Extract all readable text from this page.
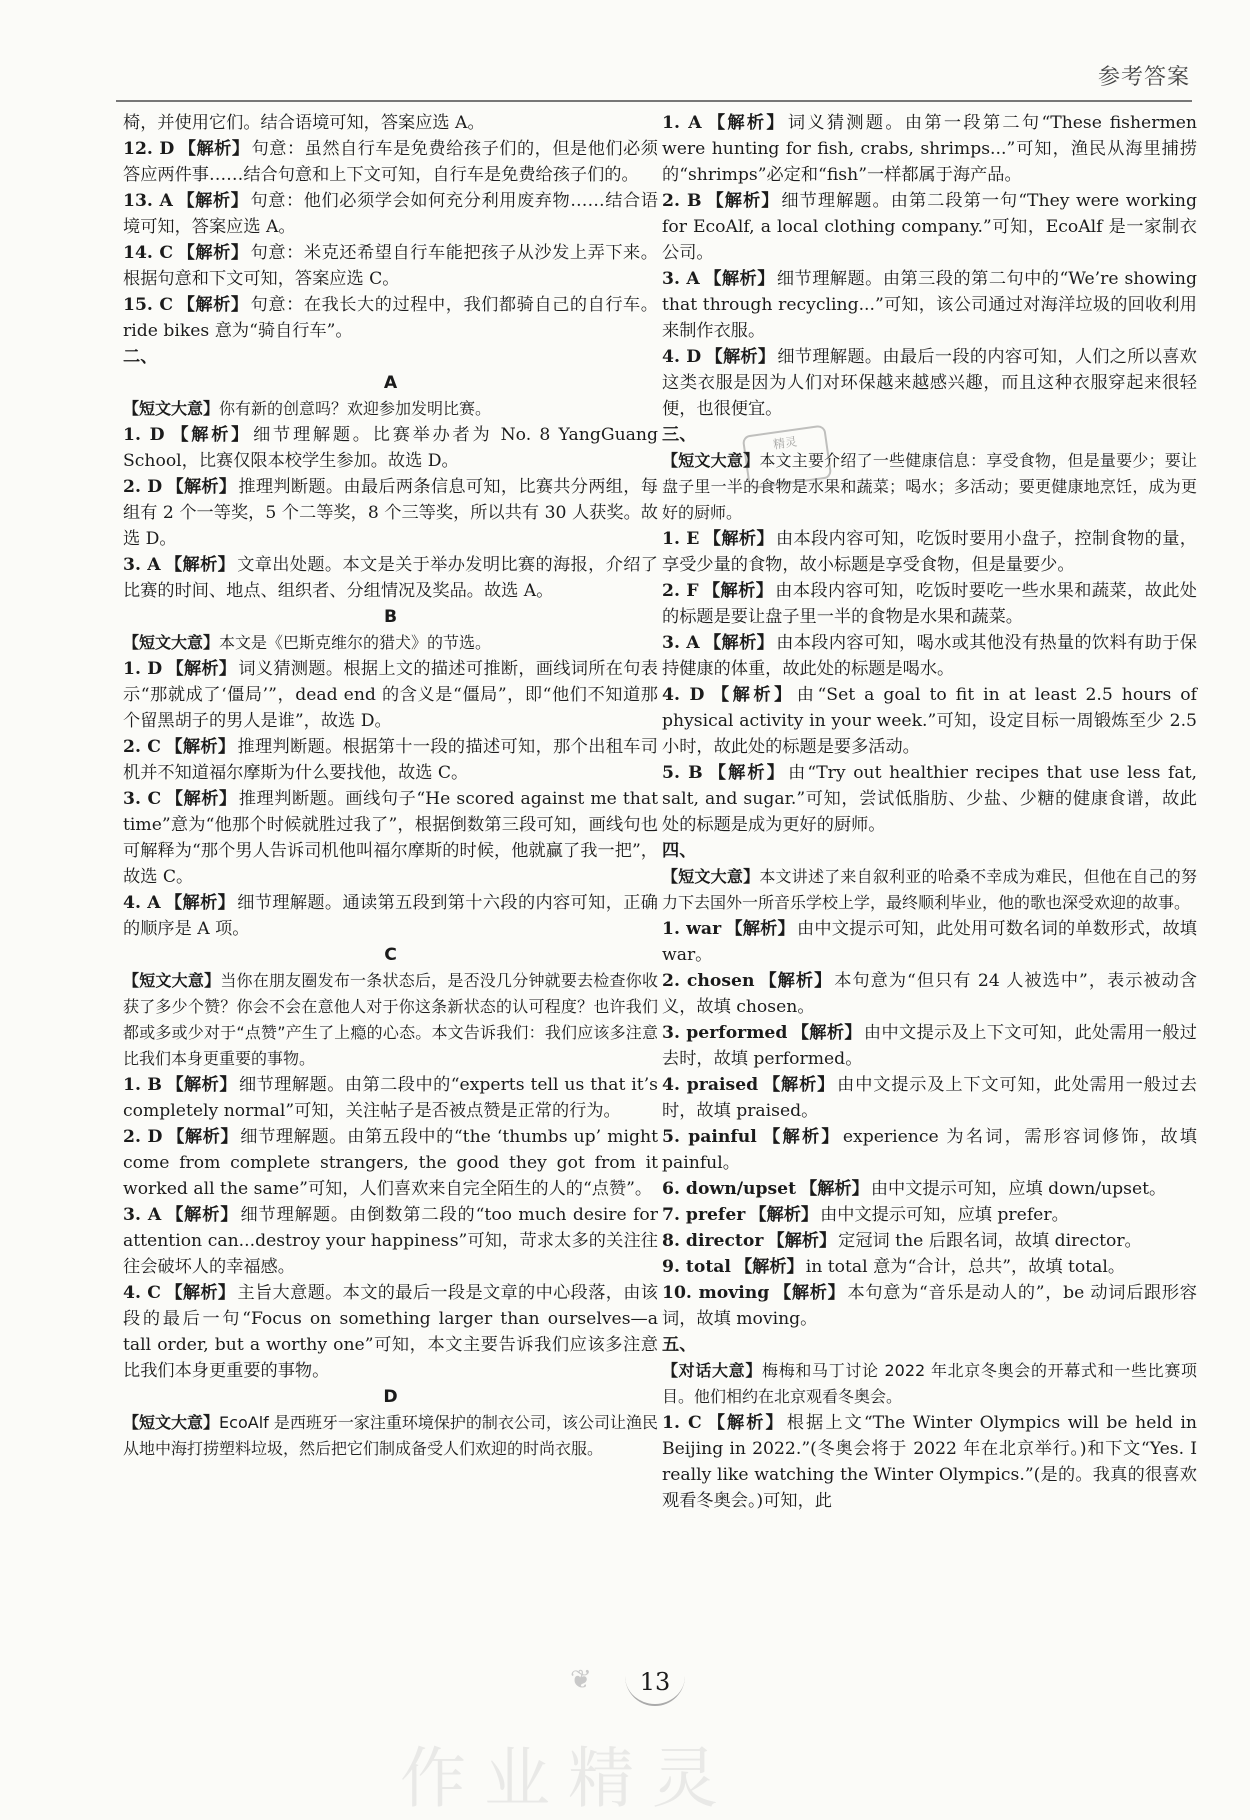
参考答案

椅，并使用它们。结合语境可知，答案应选 A。

12. D 【解析】 句意：虽然自行车是免费给孩子们的，但是他们必须答应两件事……结合句意和上下文可知，自行车是免费给孩子们的。

13. A 【解析】 句意：他们必须学会如何充分利用废弃物……结合语境可知，答案应选 A。

14. C 【解析】 句意：米克还希望自行车能把孩子从沙发上弄下来。根据句意和下文可知，答案应选 C。

15. C 【解析】 句意：在我长大的过程中，我们都骑自己的自行车。ride bikes 意为“骑自行车”。

二、

A

【短文大意】你有新的创意吗？欢迎参加发明比赛。

1. D 【解析】 细节理解题。比赛举办者为 No. 8 YangGuang School，比赛仅限本校学生参加。故选 D。

2. D 【解析】 推理判断题。由最后两条信息可知，比赛共分两组，每组有 2 个一等奖，5 个二等奖，8 个三等奖，所以共有 30 人获奖。故选 D。

3. A 【解析】 文章出处题。本文是关于举办发明比赛的海报，介绍了比赛的时间、地点、组织者、分组情况及奖品。故选 A。

B

【短文大意】本文是《巴斯克维尔的猎犬》的节选。

1. D 【解析】 词义猜测题。根据上文的描述可推断，画线词所在句表示“那就成了‘僵局’”，dead end 的含义是“僵局”，即“他们不知道那个留黑胡子的男人是谁”，故选 D。

2. C 【解析】 推理判断题。根据第十一段的描述可知，那个出租车司机并不知道福尔摩斯为什么要找他，故选 C。

3. C 【解析】 推理判断题。画线句子“He scored against me that time”意为“他那个时候就胜过我了”，根据倒数第三段可知，画线句也可解释为“那个男人告诉司机他叫福尔摩斯的时候，他就赢了我一把”，故选 C。

4. A 【解析】 细节理解题。通读第五段到第十六段的内容可知，正确的顺序是 A 项。

C

【短文大意】当你在朋友圈发布一条状态后，是否没几分钟就要去检查你收获了多少个赞？你会不会在意他人对于你这条新状态的认可程度？也许我们都或多或少对于“点赞”产生了上瘾的心态。本文告诉我们：我们应该多注意比我们本身更重要的事物。

1. B 【解析】 细节理解题。由第二段中的“experts tell us that it’s completely normal”可知，关注帖子是否被点赞是正常的行为。

2. D 【解析】 细节理解题。由第五段中的“the ‘thumbs up’ might come from complete strangers, the good they got from it worked all the same”可知，人们喜欢来自完全陌生的人的“点赞”。

3. A 【解析】 细节理解题。由倒数第二段的“too much desire for attention can...destroy your happiness”可知，苛求太多的关注往往会破坏人的幸福感。

4. C 【解析】 主旨大意题。本文的最后一段是文章的中心段落，由该段的最后一句“Focus on something larger than ourselves—a tall order, but a worthy one”可知，本文主要告诉我们应该多注意比我们本身更重要的事物。

D

【短文大意】EcoAlf 是西班牙一家注重环境保护的制衣公司，该公司让渔民从地中海打捞塑料垃圾，然后把它们制成备受人们欢迎的时尚衣服。

1. A 【解析】 词义猜测题。由第一段第二句“These fishermen were hunting for fish, crabs, shrimps...”可知，渔民从海里捕捞的“shrimps”必定和“fish”一样都属于海产品。

2. B 【解析】 细节理解题。由第二段第一句“They were working for EcoAlf, a local clothing company.”可知，EcoAlf 是一家制衣公司。

3. A 【解析】 细节理解题。由第三段的第二句中的“We’re showing that through recycling...”可知，该公司通过对海洋垃圾的回收利用来制作衣服。

4. D 【解析】 细节理解题。由最后一段的内容可知，人们之所以喜欢这类衣服是因为人们对环保越来越感兴趣，而且这种衣服穿起来很轻便，也很便宜。

三、

【短文大意】本文主要介绍了一些健康信息：享受食物，但是量要少；要让盘子里一半的食物是水果和蔬菜；喝水；多活动；要更健康地烹饪，成为更好的厨师。

1. E 【解析】 由本段内容可知，吃饭时要用小盘子，控制食物的量，享受少量的食物，故小标题是享受食物，但是量要少。

2. F 【解析】 由本段内容可知，吃饭时要吃一些水果和蔬菜，故此处的标题是要让盘子里一半的食物是水果和蔬菜。

3. A 【解析】 由本段内容可知，喝水或其他没有热量的饮料有助于保持健康的体重，故此处的标题是喝水。

4. D 【解析】 由“Set a goal to fit in at least 2.5 hours of physical activity in your week.”可知，设定目标一周锻炼至少 2.5 小时，故此处的标题是要多活动。

5. B 【解析】 由“Try out healthier recipes that use less fat, salt, and sugar.”可知，尝试低脂肪、少盐、少糖的健康食谱，故此处的标题是成为更好的厨师。

四、

【短文大意】本文讲述了来自叙利亚的哈桑不幸成为难民，但他在自己的努力下去国外一所音乐学校上学，最终顺利毕业，他的歌也深受欢迎的故事。

1. war 【解析】 由中文提示可知，此处用可数名词的单数形式，故填 war。

2. chosen 【解析】 本句意为“但只有 24 人被选中”，表示被动含义，故填 chosen。

3. performed 【解析】 由中文提示及上下文可知，此处需用一般过去时，故填 performed。

4. praised 【解析】 由中文提示及上下文可知，此处需用一般过去时，故填 praised。

5. painful 【解析】 experience 为名词，需形容词修饰，故填 painful。

6. down/upset 【解析】 由中文提示可知，应填 down/upset。

7. prefer 【解析】 由中文提示可知，应填 prefer。

8. director 【解析】 定冠词 the 后跟名词，故填 director。

9. total 【解析】 in total 意为“合计，总共”，故填 total。

10. moving 【解析】 本句意为“音乐是动人的”，be 动词后跟形容词，故填 moving。

五、

【对话大意】梅梅和马丁讨论 2022 年北京冬奥会的开幕式和一些比赛项目。他们相约在北京观看冬奥会。

1. C 【解析】 根据上文“The Winter Olympics will be held in Beijing in 2022.”(冬奥会将于 2022 年在北京举行。)和下文“Yes. I really like watching the Winter Olympics.”(是的。我真的很喜欢观看冬奥会。)可知，此

精灵
❦	13
作业精灵
